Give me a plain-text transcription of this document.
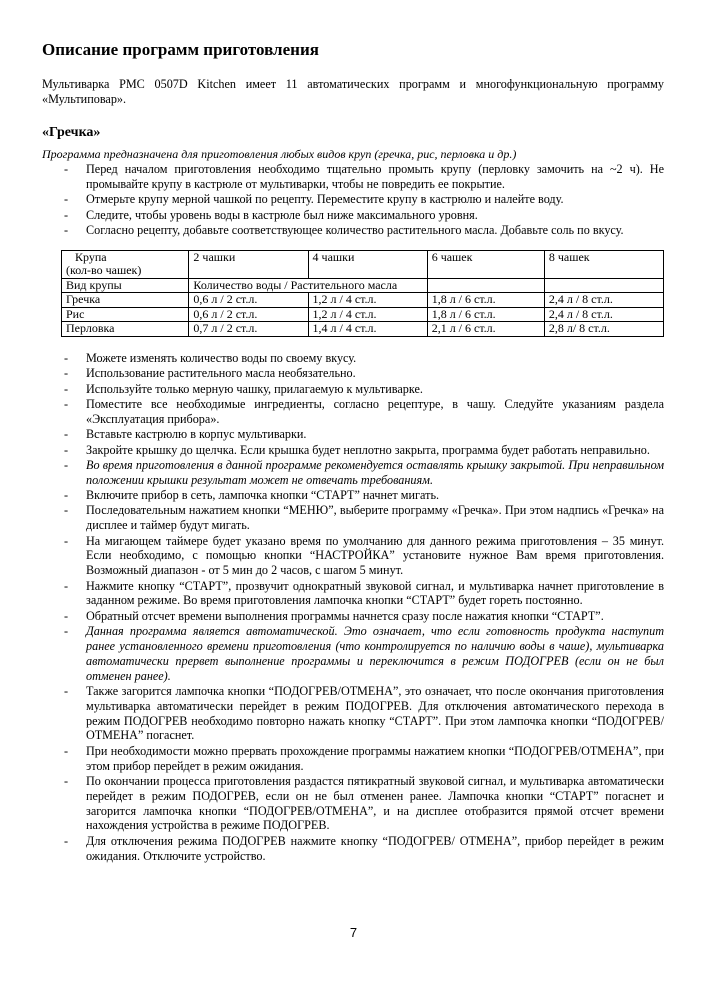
Описание программ приготовления

Мультиварка PMC 0507D Kitchen имеет 11 автоматических программ и многофункциональную программу «Мультиповар».

«Гречка»

Программа предназначена для приготовления любых видов круп (гречка, рис, перловка и др.)

- Перед началом приготовления необходимо тщательно промыть крупу (перловку замочить на ~2 ч). Не промывайте крупу в кастрюле от мультиварки, чтобы не повредить ее покрытие.
- Отмерьте крупу мерной чашкой по рецепту. Переместите крупу в кастрюлю и налейте воду.
- Следите, чтобы уровень воды в кастрюле был ниже максимального уровня.
- Согласно рецепту, добавьте соответствующее количество растительного масла. Добавьте соль по вкусу.
Крупа
(кол-во чашек)	2 чашки	4 чашки	6 чашек	8 чашек
Вид крупы	Количество воды / Растительного масла			
Гречка	0,6 л / 2 ст.л.	1,2 л / 4 ст.л.	1,8 л / 6 ст.л.	2,4 л / 8 ст.л.
Рис	0,6 л / 2 ст.л.	1,2 л / 4 ст.л.	1,8 л / 6 ст.л.	2,4 л / 8 ст.л.
Перловка	0,7 л / 2 ст.л.	1,4 л / 4 ст.л.	2,1 л / 6 ст.л.	2,8 л/ 8 ст.л.
- Можете изменять количество воды по своему вкусу.
- Использование растительного масла необязательно.
- Используйте только мерную чашку, прилагаемую к мультиварке.
- Поместите все необходимые ингредиенты, согласно рецептуре, в чашу. Следуйте указаниям раздела «Эксплуатация прибора».
- Вставьте кастрюлю в корпус мультиварки.
- Закройте крышку до щелчка. Если крышка будет неплотно закрыта, программа будет работать неправильно.
- Во время приготовления в данной программе рекомендуется оставлять крышку закрытой. При неправильном положении крышки результат может не отвечать требованиям.
- Включите прибор в сеть, лампочка кнопки “СТАРТ” начнет мигать.
- Последовательным нажатием кнопки “МЕНЮ”, выберите программу «Гречка». При этом надпись «Гречка» на дисплее и таймер будут мигать.
- На мигающем таймере будет указано время по умолчанию для данного режима приготовления – 35 минут. Если необходимо, с помощью кнопки “НАСТРОЙКА” установите нужное Вам время приготовления. Возможный диапазон - от 5 мин до 2 часов, с шагом 5 минут.
- Нажмите кнопку “СТАРТ”, прозвучит однократный звуковой сигнал, и мультиварка начнет приготовление в заданном режиме. Во время приготовления лампочка кнопки “СТАРТ” будет гореть постоянно.
- Обратный отсчет времени выполнения программы начнется сразу после нажатия кнопки “СТАРТ”.
- Данная программа является автоматической. Это означает, что если готовность продукта наступит ранее установленного времени приготовления (что контролируется по наличию воды в чаше), мультиварка автоматически прервет выполнение программы и переключится в режим ПОДОГРЕВ (если он не был отменен ранее).
- Также загорится лампочка кнопки “ПОДОГРЕВ/ОТМЕНА”, это означает, что после окончания приготовления мультиварка автоматически перейдет в режим ПОДОГРЕВ. Для отключения автоматического перехода в режим ПОДОГРЕВ необходимо повторно нажать кнопку “СТАРТ”. При этом лампочка кнопки “ПОДОГРЕВ/ОТМЕНА” погаснет.
- При необходимости можно прервать прохождение программы нажатием кнопки “ПОДОГРЕВ/ОТМЕНА”, при этом прибор перейдет в режим ожидания.
- По окончании процесса приготовления раздастся пятикратный звуковой сигнал, и мультиварка автоматически перейдет в режим ПОДОГРЕВ, если он не был отменен ранее. Лампочка кнопки “СТАРТ” погаснет и загорится лампочка кнопки “ПОДОГРЕВ/ОТМЕНА”, и на дисплее отобразится прямой отсчет времени нахождения устройства в режиме ПОДОГРЕВ.
- Для отключения режима ПОДОГРЕВ нажмите кнопку “ПОДОГРЕВ/ ОТМЕНА”, прибор перейдет в режим ожидания. Отключите устройство.
7
